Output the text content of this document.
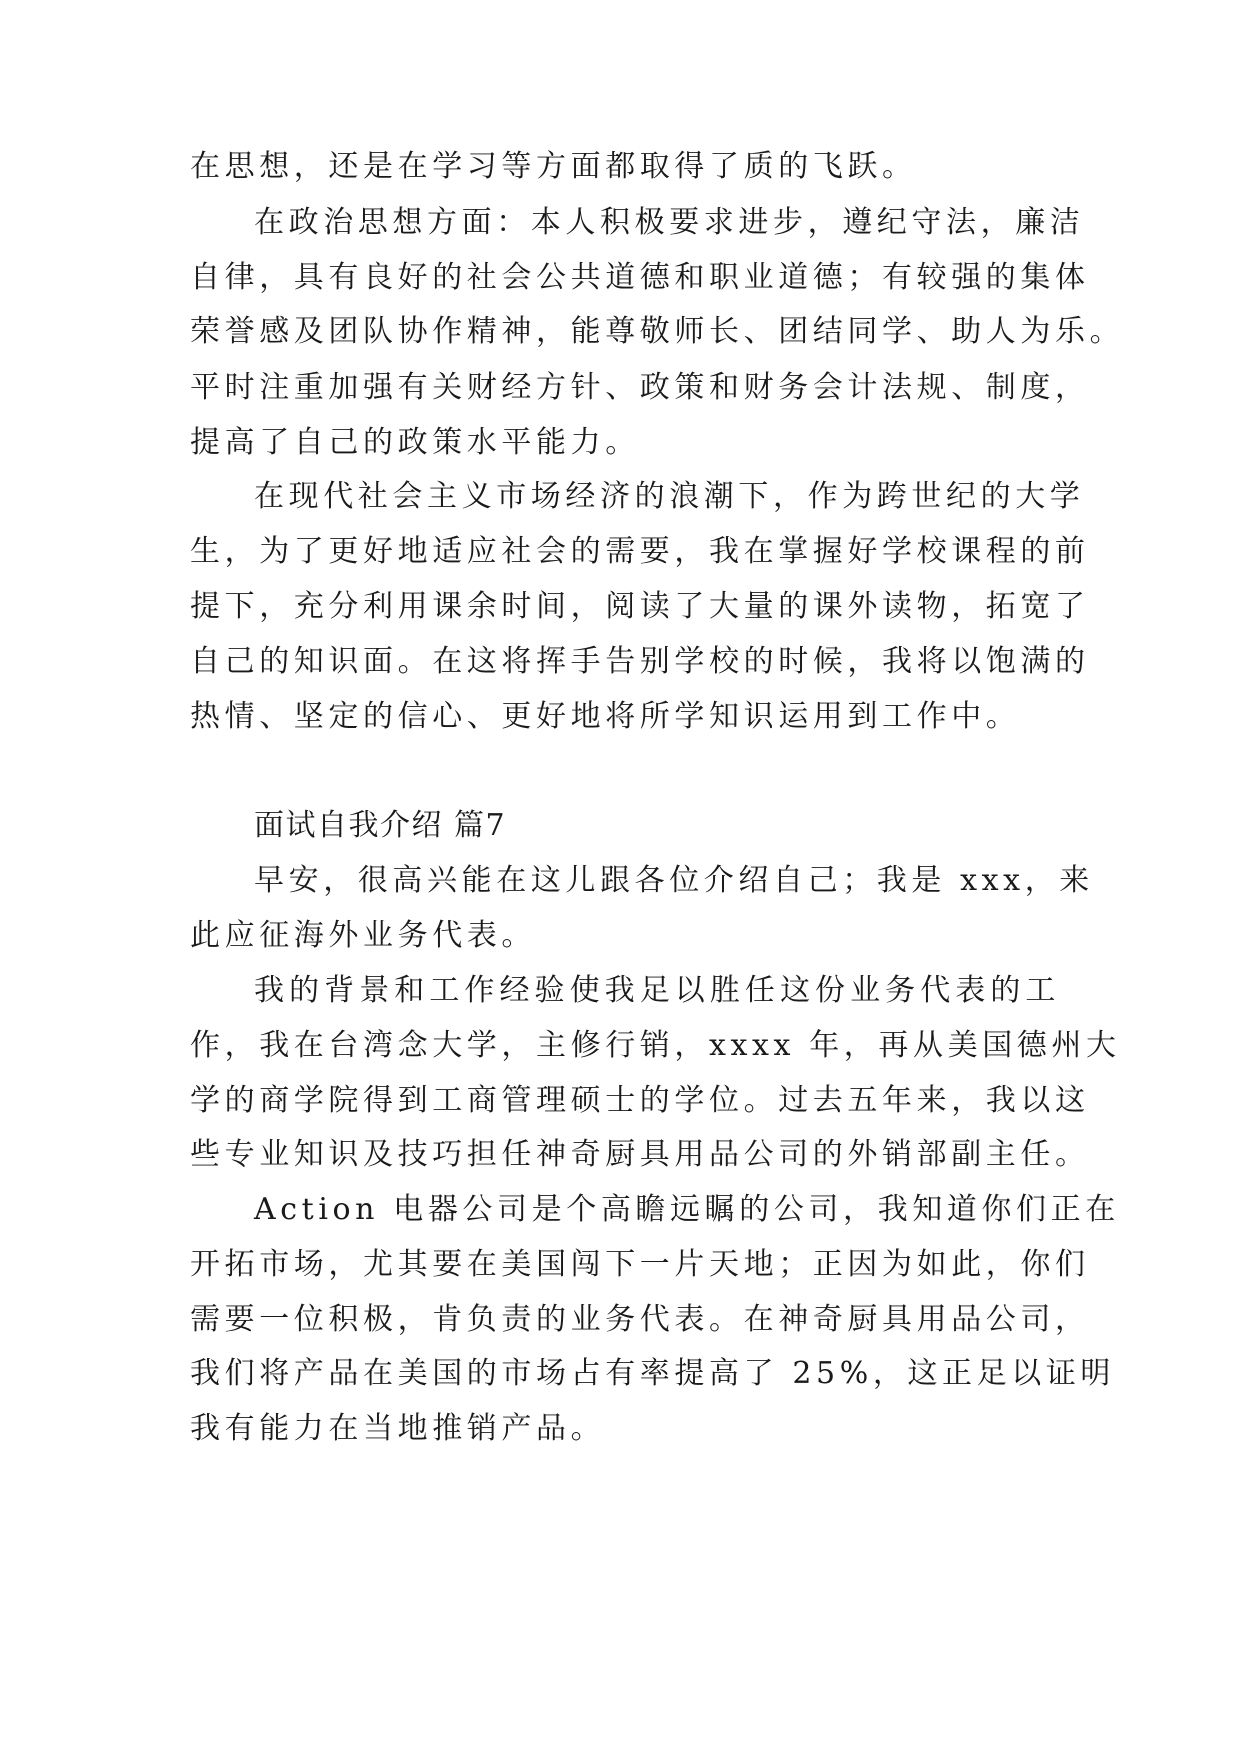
在思想，还是在学习等方面都取得了质的飞跃。
在政治思想方面：本人积极要求进步，遵纪守法，廉洁
自律，具有良好的社会公共道德和职业道德；有较强的集体
荣誉感及团队协作精神，能尊敬师长、团结同学、助人为乐。
平时注重加强有关财经方针、政策和财务会计法规、制度，
提高了自己的政策水平能力。
在现代社会主义市场经济的浪潮下，作为跨世纪的大学
生，为了更好地适应社会的需要，我在掌握好学校课程的前
提下，充分利用课余时间，阅读了大量的课外读物，拓宽了
自己的知识面。在这将挥手告别学校的时候，我将以饱满的
热情、坚定的信心、更好地将所学知识运用到工作中。
面试自我介绍 篇7
早安，很高兴能在这儿跟各位介绍自己；我是 xxx，来
此应征海外业务代表。
我的背景和工作经验使我足以胜任这份业务代表的工
作，我在台湾念大学，主修行销，xxxx 年，再从美国德州大
学的商学院得到工商管理硕士的学位。过去五年来，我以这
些专业知识及技巧担任神奇厨具用品公司的外销部副主任。
Action 电器公司是个高瞻远瞩的公司，我知道你们正在
开拓市场，尤其要在美国闯下一片天地；正因为如此，你们
需要一位积极，肯负责的业务代表。在神奇厨具用品公司，
我们将产品在美国的市场占有率提高了 25%，这正足以证明
我有能力在当地推销产品。
